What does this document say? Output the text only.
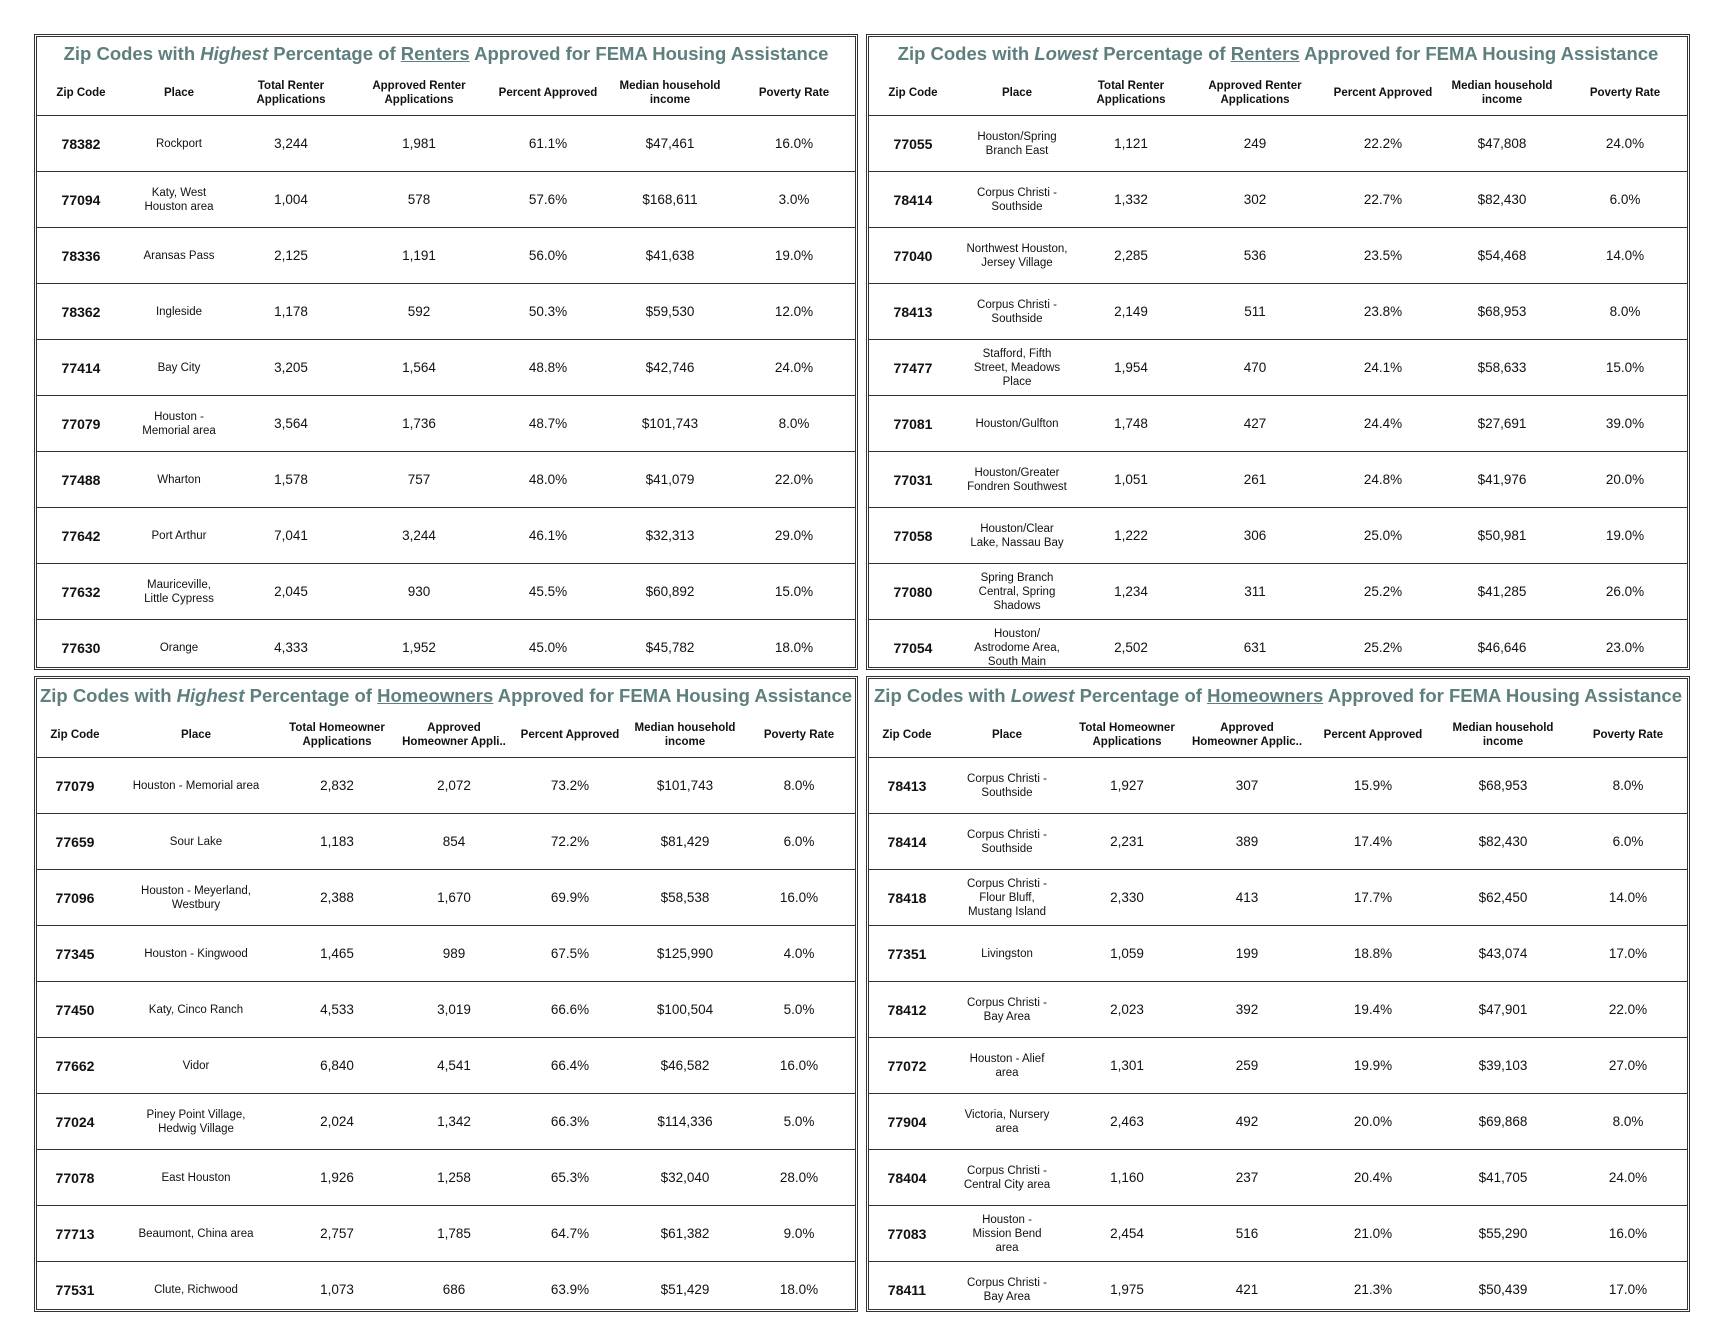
Zip Codes with Highest Percentage of Renters Approved for FEMA Housing Assistance
Zip Code	Place	Total Renter
Applications	Approved Renter
Applications	Percent Approved	Median household
income	Poverty Rate

78382	Rockport	3,244	1,981	61.1%	$47,461	16.0%
77094	Katy, West
Houston area	1,004	578	57.6%	$168,611	3.0%
78336	Aransas Pass	2,125	1,191	56.0%	$41,638	19.0%
78362	Ingleside	1,178	592	50.3%	$59,530	12.0%
77414	Bay City	3,205	1,564	48.8%	$42,746	24.0%
77079	Houston -
Memorial area	3,564	1,736	48.7%	$101,743	8.0%
77488	Wharton	1,578	757	48.0%	$41,079	22.0%
77642	Port Arthur	7,041	3,244	46.1%	$32,313	29.0%
77632	Mauriceville,
Little Cypress	2,045	930	45.5%	$60,892	15.0%
77630	Orange	4,333	1,952	45.0%	$45,782	18.0%
Zip Codes with Lowest Percentage of Renters Approved for FEMA Housing Assistance
Zip Code	Place	Total Renter
Applications	Approved Renter
Applications	Percent Approved	Median household
income	Poverty Rate

77055	Houston/Spring
Branch East	1,121	249	22.2%	$47,808	24.0%
78414	Corpus Christi -
Southside	1,332	302	22.7%	$82,430	6.0%
77040	Northwest Houston,
Jersey Village	2,285	536	23.5%	$54,468	14.0%
78413	Corpus Christi -
Southside	2,149	511	23.8%	$68,953	8.0%
77477	Stafford, Fifth
Street, Meadows
Place	1,954	470	24.1%	$58,633	15.0%
77081	Houston/Gulfton	1,748	427	24.4%	$27,691	39.0%
77031	Houston/Greater
Fondren Southwest	1,051	261	24.8%	$41,976	20.0%
77058	Houston/Clear
Lake, Nassau Bay	1,222	306	25.0%	$50,981	19.0%
77080	Spring Branch
Central, Spring
Shadows	1,234	311	25.2%	$41,285	26.0%
77054	Houston/
Astrodome Area,
South Main	2,502	631	25.2%	$46,646	23.0%
Zip Codes with Highest Percentage of Homeowners Approved for FEMA Housing Assistance
Zip Code	Place	Total Homeowner
Applications	Approved
Homeowner Appli..	Percent Approved	Median household
income	Poverty Rate

77079	Houston - Memorial area	2,832	2,072	73.2%	$101,743	8.0%
77659	Sour Lake	1,183	854	72.2%	$81,429	6.0%
77096	Houston - Meyerland,
Westbury	2,388	1,670	69.9%	$58,538	16.0%
77345	Houston - Kingwood	1,465	989	67.5%	$125,990	4.0%
77450	Katy, Cinco Ranch	4,533	3,019	66.6%	$100,504	5.0%
77662	Vidor	6,840	4,541	66.4%	$46,582	16.0%
77024	Piney Point Village,
Hedwig Village	2,024	1,342	66.3%	$114,336	5.0%
77078	East Houston	1,926	1,258	65.3%	$32,040	28.0%
77713	Beaumont, China area	2,757	1,785	64.7%	$61,382	9.0%
77531	Clute, Richwood	1,073	686	63.9%	$51,429	18.0%
Zip Codes with Lowest Percentage of Homeowners Approved for FEMA Housing Assistance
Zip Code	Place	Total Homeowner
Applications	Approved
Homeowner Applic..	Percent Approved	Median household
income	Poverty Rate

78413	Corpus Christi -
Southside	1,927	307	15.9%	$68,953	8.0%
78414	Corpus Christi -
Southside	2,231	389	17.4%	$82,430	6.0%
78418	Corpus Christi -
Flour Bluff,
Mustang Island	2,330	413	17.7%	$62,450	14.0%
77351	Livingston	1,059	199	18.8%	$43,074	17.0%
78412	Corpus Christi -
Bay Area	2,023	392	19.4%	$47,901	22.0%
77072	Houston - Alief
area	1,301	259	19.9%	$39,103	27.0%
77904	Victoria, Nursery
area	2,463	492	20.0%	$69,868	8.0%
78404	Corpus Christi -
Central City area	1,160	237	20.4%	$41,705	24.0%
77083	Houston -
Mission Bend
area	2,454	516	21.0%	$55,290	16.0%
78411	Corpus Christi -
Bay Area	1,975	421	21.3%	$50,439	17.0%
